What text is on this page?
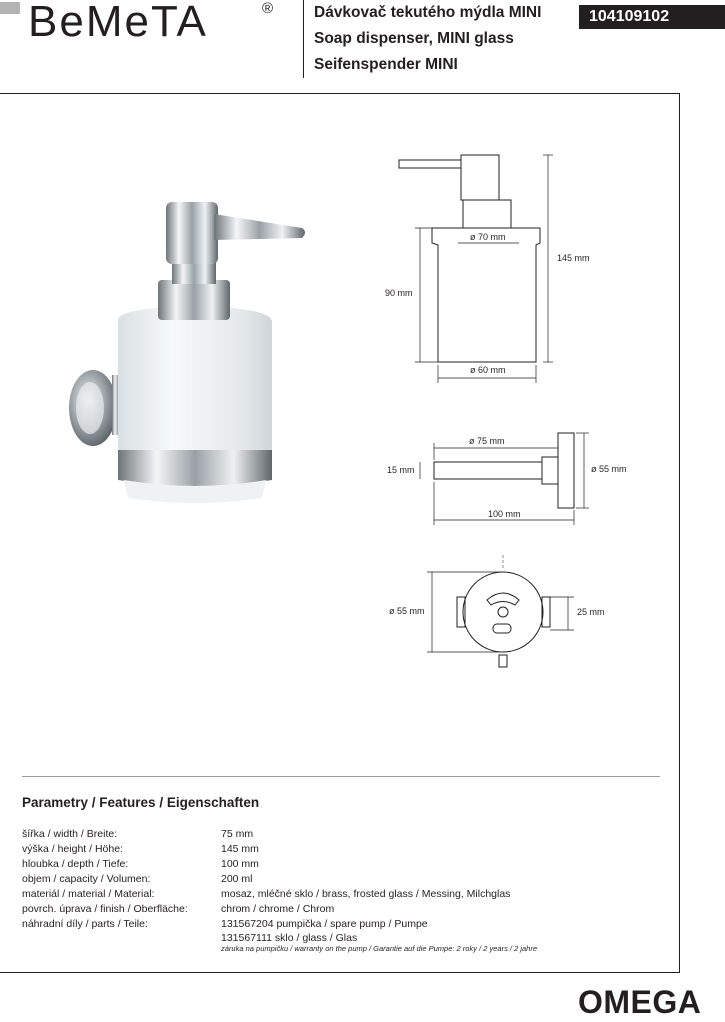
BeMeTA	®	Dávkovač tekutého mýdla MINI
Soap dispenser, MINI glass
Seifenspender MINI
104109102
ø 70 mm
145 mm
90 mm
ø 60 mm
ø 75 mm
15 mm	ø 55 mm
100 mm
ø 55 mm	25 mm
Parametry / Features / Eigenschaften
šířka / width / Breite:	75 mm
výška / height / Höhe:	145 mm
hloubka / depth / Tiefe:	100 mm
objem / capacity / Volumen:	200 ml
materiál / material / Material:	mosaz, mléčné sklo / brass, frosted glass / Messing, Milchglas
povrch. úprava / finish / Oberfläche:	chrom / chrome / Chrom
náhradní díly / parts / Teile:	131567204 pumpička / spare pump / Pumpe
131567111 sklo / glass / Glas
záruka na pumpičku / warranty on the pump / Garantie auf die Pumpe: 2 roky / 2 years / 2 jahre
OMEGA
